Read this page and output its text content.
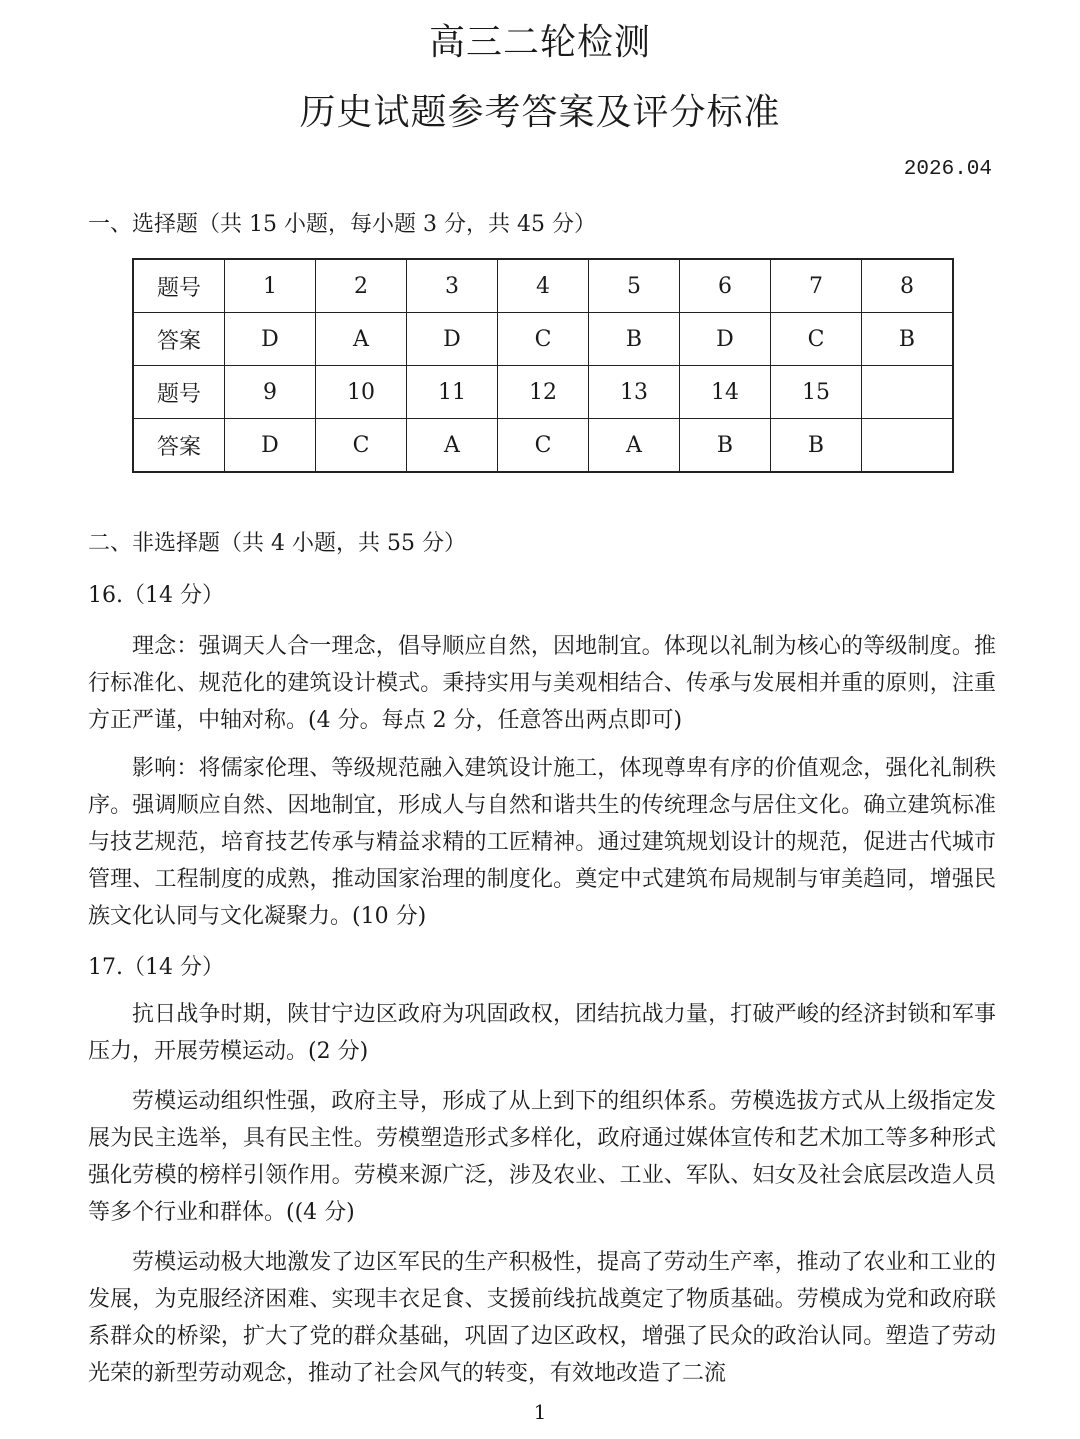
高三二轮检测
历史试题参考答案及评分标准
2026.04
一、选择题（共 15 小题，每小题 3 分，共 45 分）
题号	1	2	3	4	5	6	7	8
答案	D	A	D	C	B	D	C	B
题号	9	10	11	12	13	14	15	
答案	D	C	A	C	A	B	B	
二、非选择题（共 4 小题，共 55 分）
16.（14 分）
理念：强调天人合一理念，倡导顺应自然，因地制宜。体现以礼制为核心的等级制度。推行标准化、规范化的建筑设计模式。秉持实用与美观相结合、传承与发展相并重的原则，注重方正严谨，中轴对称。(4 分。每点 2 分，任意答出两点即可)
影响：将儒家伦理、等级规范融入建筑设计施工，体现尊卑有序的价值观念，强化礼制秩序。强调顺应自然、因地制宜，形成人与自然和谐共生的传统理念与居住文化。确立建筑标准与技艺规范，培育技艺传承与精益求精的工匠精神。通过建筑规划设计的规范，促进古代城市管理、工程制度的成熟，推动国家治理的制度化。奠定中式建筑布局规制与审美趋同，增强民族文化认同与文化凝聚力。(10 分)
17.（14 分）
抗日战争时期，陕甘宁边区政府为巩固政权，团结抗战力量，打破严峻的经济封锁和军事压力，开展劳模运动。(2 分)
劳模运动组织性强，政府主导，形成了从上到下的组织体系。劳模选拔方式从上级指定发展为民主选举，具有民主性。劳模塑造形式多样化，政府通过媒体宣传和艺术加工等多种形式强化劳模的榜样引领作用。劳模来源广泛，涉及农业、工业、军队、妇女及社会底层改造人员等多个行业和群体。((4 分)
劳模运动极大地激发了边区军民的生产积极性，提高了劳动生产率，推动了农业和工业的发展，为克服经济困难、实现丰衣足食、支援前线抗战奠定了物质基础。劳模成为党和政府联系群众的桥梁，扩大了党的群众基础，巩固了边区政权，增强了民众的政治认同。塑造了劳动光荣的新型劳动观念，推动了社会风气的转变，有效地改造了二流
1
